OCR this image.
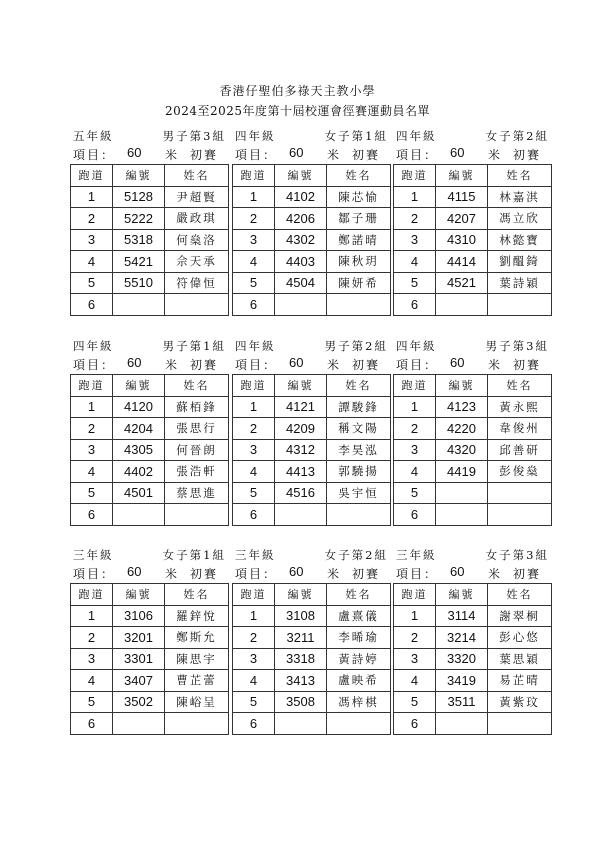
香港仔聖伯多祿天主教小學
2024至2025年度第十屆校運會徑賽運動員名單
五年級	男子第3組
項目： 60 米 初賽
跑道	編號	姓名
1	5128	尹超賢
2	5222	嚴政琪
3	5318	何燊洛
4	5421	佘天承
5	5510	符偉恒
6		
四年級	女子第1組
項目： 60 米 初賽
跑道	編號	姓名
1	4102	陳芯愉
2	4206	鄒子珊
3	4302	鄭諾晴
4	4403	陳秋玥
5	4504	陳妍希
6		
四年級	女子第2組
項目： 60 米 初賽
跑道	編號	姓名
1	4115	林嘉淇
2	4207	馮立欣
3	4310	林懿寶
4	4414	劉醞錡
5	4521	葉詩穎
6		
四年級	男子第1組
項目： 60 米 初賽
跑道	編號	姓名
1	4120	蘇栢鋒
2	4204	張思行
3	4305	何晉朗
4	4402	張浩軒
5	4501	蔡思進
6		
四年級	男子第2組
項目： 60 米 初賽
跑道	編號	姓名
1	4121	譚駿鋒
2	4209	稱文陽
3	4312	李昊泓
4	4413	郭驍揚
5	4516	吳宇恒
6		
四年級	男子第3組
項目： 60 米 初賽
跑道	編號	姓名
1	4123	黃永熙
2	4220	韋俊州
3	4320	邱善研
4	4419	彭俊燊
5		
6		
三年級	女子第1組
項目： 60 米 初賽
跑道	編號	姓名
1	3106	羅鋅悅
2	3201	鄭斯允
3	3301	陳思宇
4	3407	曹芷蕾
5	3502	陳峪呈
6		
三年級	女子第2組
項目： 60 米 初賽
跑道	編號	姓名
1	3108	盧熹儀
2	3211	李晞瑜
3	3318	黃詩婷
4	3413	盧映希
5	3508	馮梓棋
6		
三年級	女子第3組
項目： 60 米 初賽
跑道	編號	姓名
1	3114	謝翠桐
2	3214	彭心悠
3	3320	葉思穎
4	3419	易芷晴
5	3511	黃紫玟
6		
